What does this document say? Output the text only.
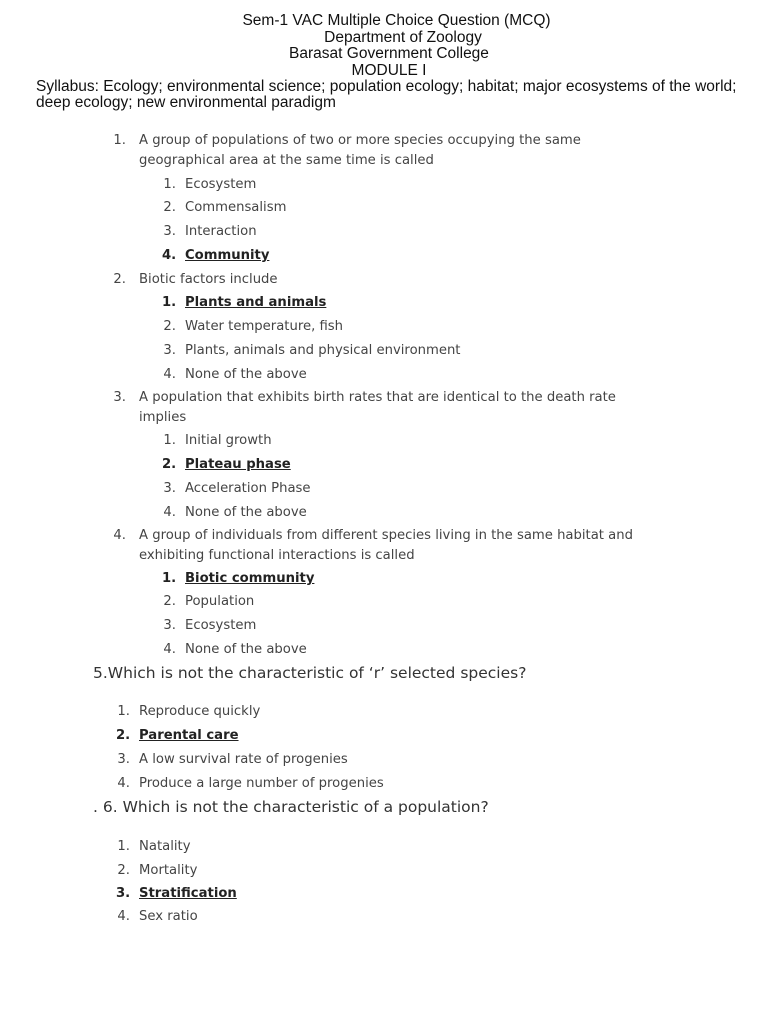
Sem-1 VAC Multiple Choice Question (MCQ)
Department of Zoology
Barasat Government College
MODULE I
Syllabus: Ecology; environmental science; population ecology; habitat; major ecosystems of the world; deep ecology; new environmental paradigm
1. A group of populations of two or more species occupying the same
geographical area at the same time is called
1. Ecosystem
2. Commensalism
3. Interaction
4. Community
2. Biotic factors include
1. Plants and animals
2. Water temperature, fish
3. Plants, animals and physical environment
4. None of the above
3. A population that exhibits birth rates that are identical to the death rate
implies
1. Initial growth
2. Plateau phase
3. Acceleration Phase
4. None of the above
4. A group of individuals from different species living in the same habitat and
exhibiting functional interactions is called
1. Biotic community
2. Population
3. Ecosystem
4. None of the above
5.Which is not the characteristic of ‘r’ selected species?
1. Reproduce quickly
2. Parental care
3. A low survival rate of progenies
4. Produce a large number of progenies
. 6. Which is not the characteristic of a population?
1. Natality
2. Mortality
3. Stratification
4. Sex ratio
